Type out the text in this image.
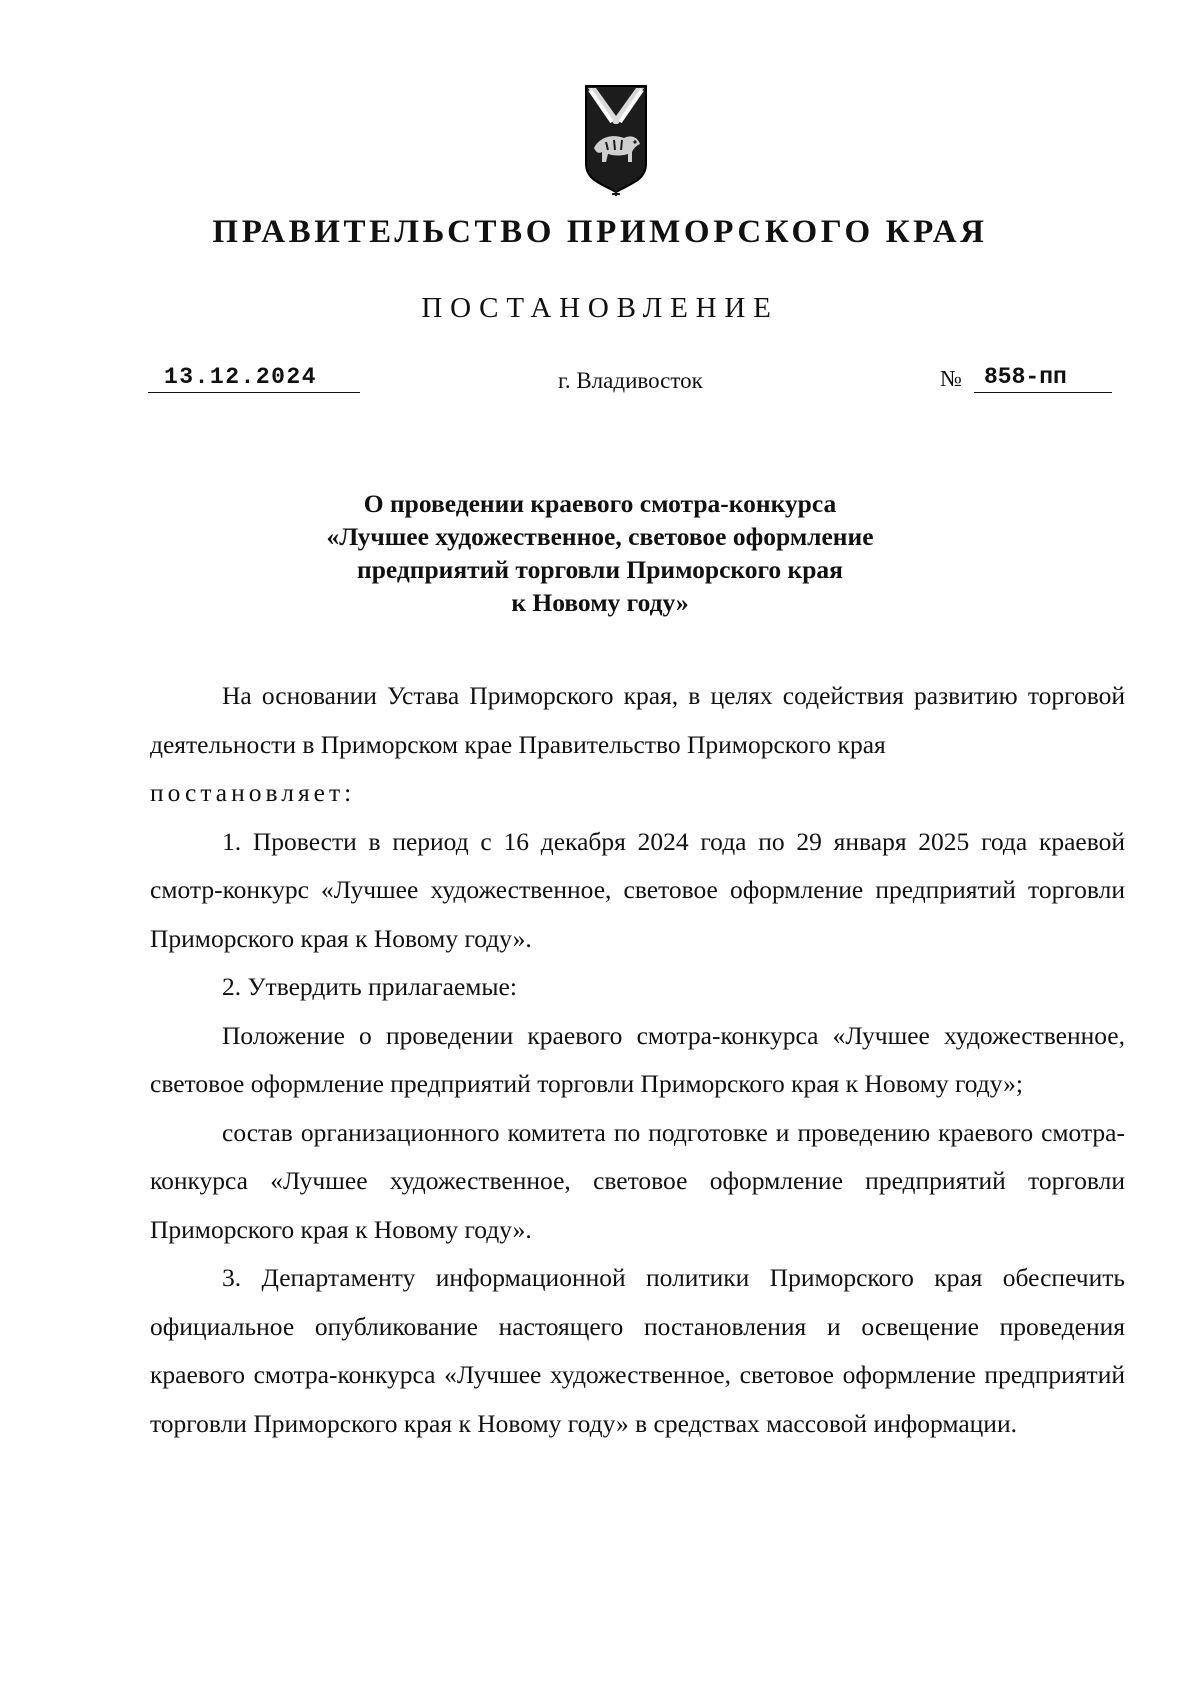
ПРАВИТЕЛЬСТВО ПРИМОРСКОГО КРАЯ
ПОСТАНОВЛЕНИЕ
13.12.2024	г. Владивосток	№ 858-пп
О проведении краевого смотра-конкурса
«Лучшее художественное, световое оформление
предприятий торговли Приморского края
к Новому году»

На основании Устава Приморского края, в целях содействия развитию торговой деятельности в Приморском крае Правительство Приморского края

постановляет:

1. Провести в период с 16 декабря 2024 года по 29 января 2025 года краевой смотр-конкурс «Лучшее художественное, световое оформление предприятий торговли Приморского края к Новому году».

2. Утвердить прилагаемые:

Положение о проведении краевого смотра-конкурса «Лучшее художественное, световое оформление предприятий торговли Приморского края к Новому году»;

состав организационного комитета по подготовке и проведению краевого смотра-конкурса «Лучшее художественное, световое оформление предприятий торговли Приморского края к Новому году».

3. Департаменту информационной политики Приморского края обеспечить официальное опубликование настоящего постановления и освещение проведения краевого смотра-конкурса «Лучшее художественное, световое оформление предприятий торговли Приморского края к Новому году» в средствах массовой информации.
